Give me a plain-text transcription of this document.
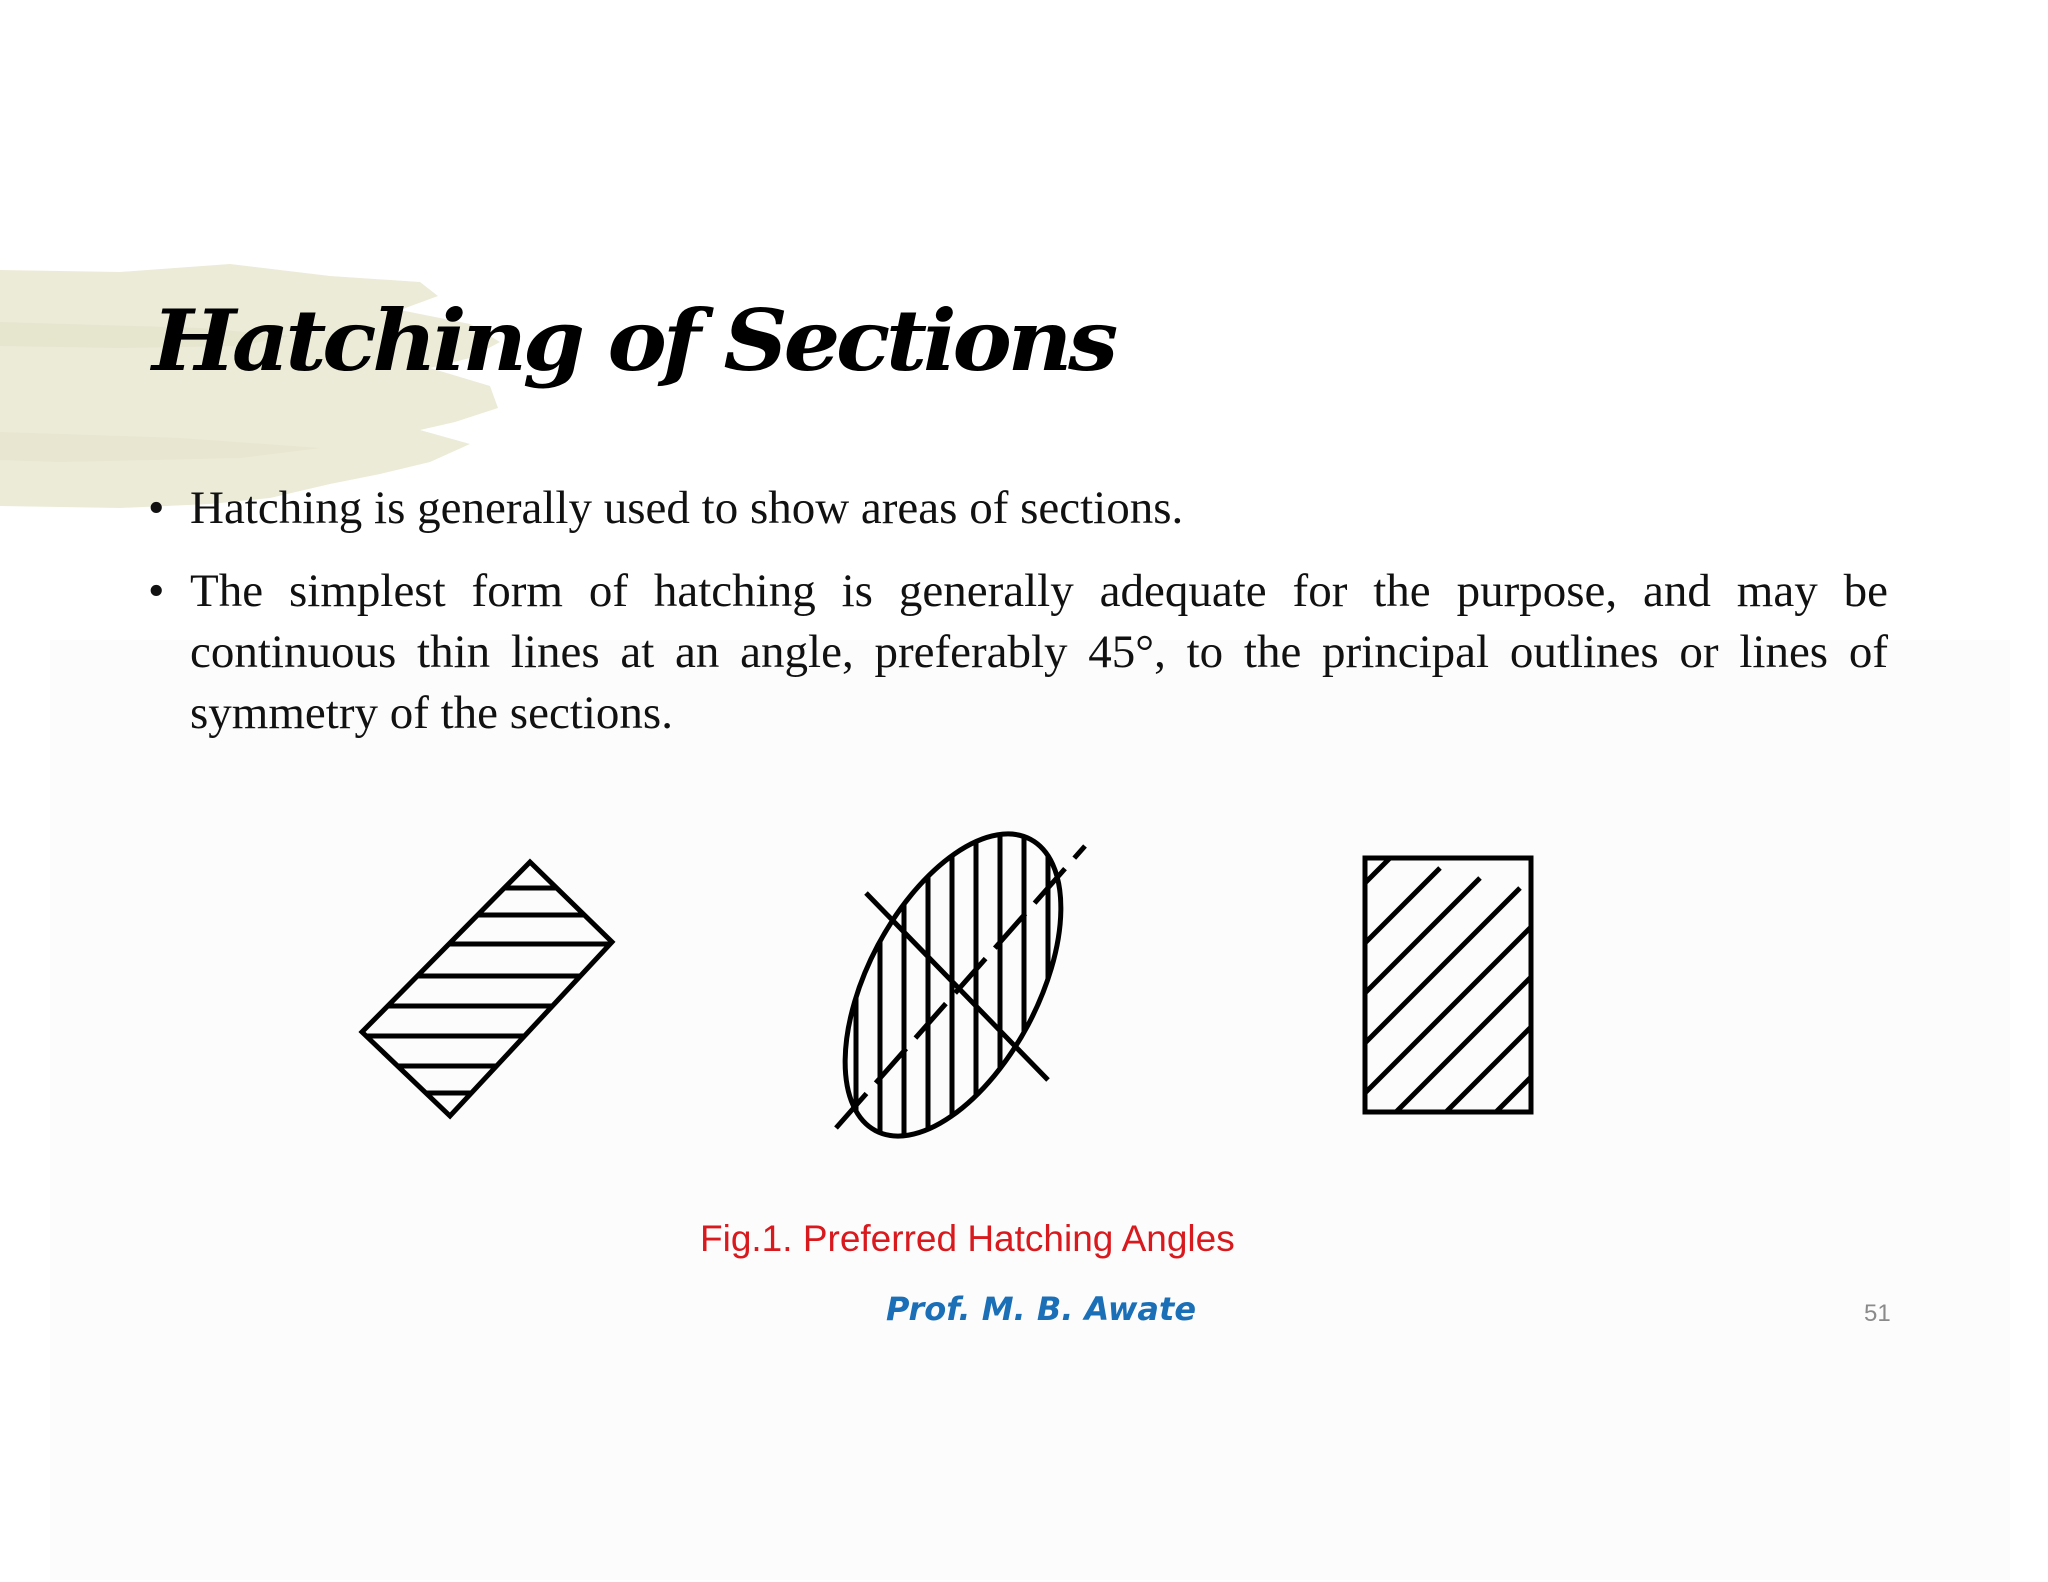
Hatching of Sections
• Hatching is generally used to show areas of sections.
• The simplest form of hatching is generally adequate for the purpose, and may be continuous thin lines at an angle, preferably 45°, to the principal outlines or lines of symmetry of the sections.
Fig.1. Preferred Hatching Angles
Prof. M. B. Awate	51
